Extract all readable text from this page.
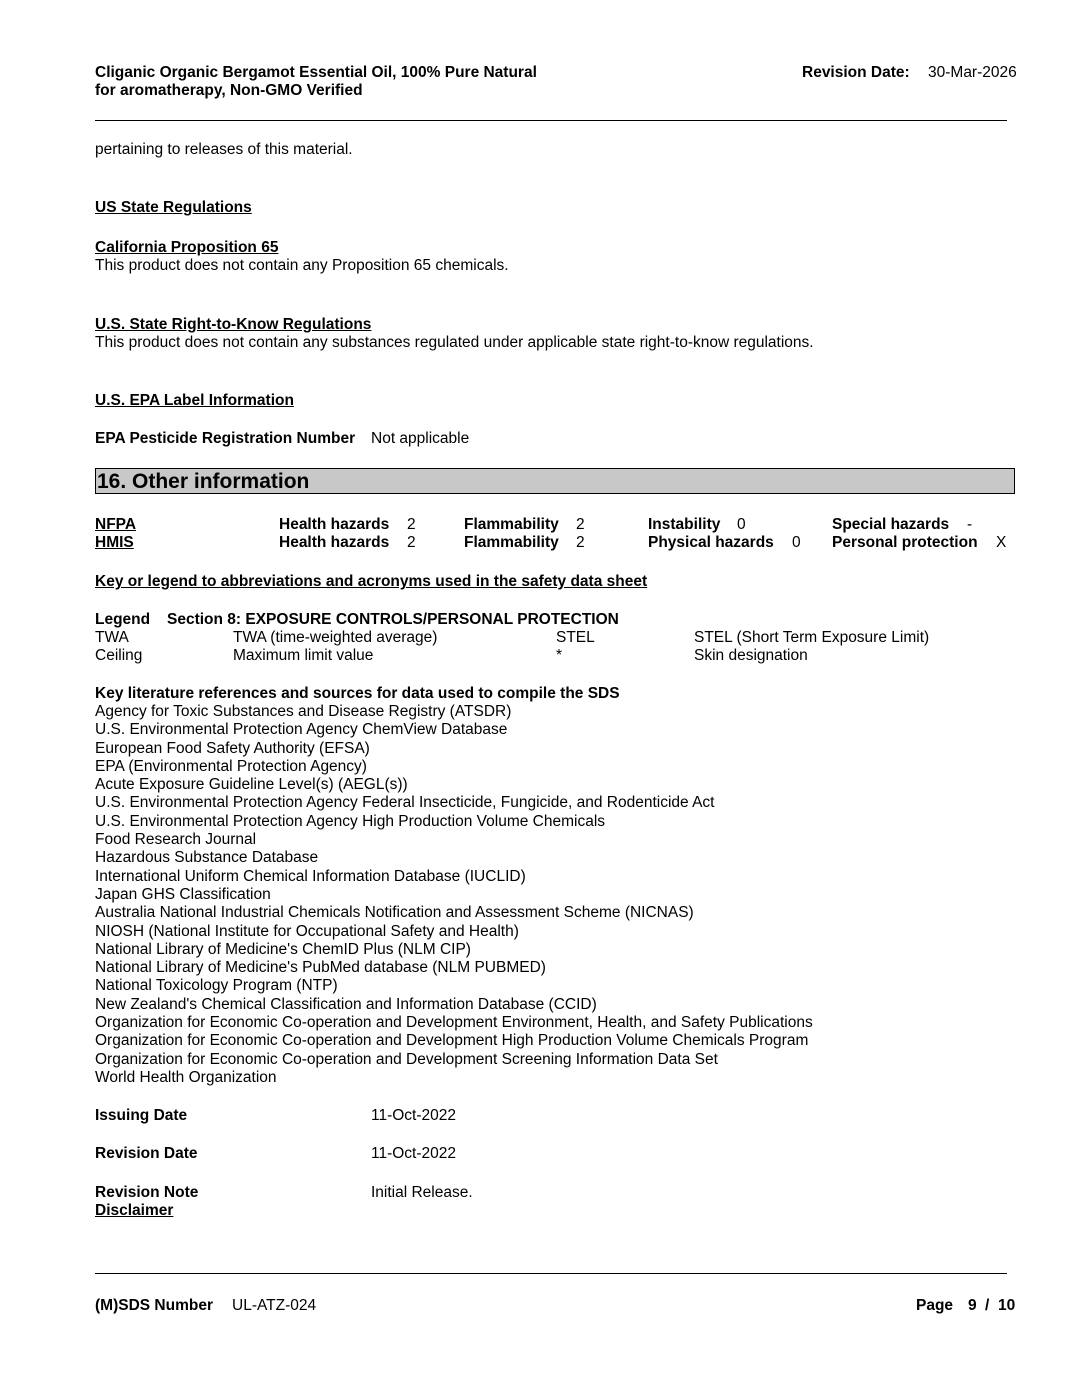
Cliganic Organic Bergamot Essential Oil, 100% Pure Natural
for aromatherapy, Non-GMO Verified
Revision Date: 30-Mar-2026
pertaining to releases of this material.
US State Regulations
California Proposition 65
This product does not contain any Proposition 65 chemicals.
U.S. State Right-to-Know Regulations
This product does not contain any substances regulated under applicable state right-to-know regulations.
U.S. EPA Label Information
EPA Pesticide Registration Number Not applicable
16. Other information
NFPA	Health hazards 2	Flammability 2	Instability 0	Special hazards -
HMIS	Health hazards 2	Flammability 2	Physical hazards 0 Personal protection X
Key or legend to abbreviations and acronyms used in the safety data sheet
Legend Section 8: EXPOSURE CONTROLS/PERSONAL PROTECTION
TWA	TWA (time-weighted average)	STEL	STEL (Short Term Exposure Limit)
Ceiling	Maximum limit value	*	Skin designation
Key literature references and sources for data used to compile the SDS
Agency for Toxic Substances and Disease Registry (ATSDR)
U.S. Environmental Protection Agency ChemView Database
European Food Safety Authority (EFSA)
EPA (Environmental Protection Agency)
Acute Exposure Guideline Level(s) (AEGL(s))
U.S. Environmental Protection Agency Federal Insecticide, Fungicide, and Rodenticide Act
U.S. Environmental Protection Agency High Production Volume Chemicals
Food Research Journal
Hazardous Substance Database
International Uniform Chemical Information Database (IUCLID)
Japan GHS Classification
Australia National Industrial Chemicals Notification and Assessment Scheme (NICNAS)
NIOSH (National Institute for Occupational Safety and Health)
National Library of Medicine's ChemID Plus (NLM CIP)
National Library of Medicine's PubMed database (NLM PUBMED)
National Toxicology Program (NTP)
New Zealand's Chemical Classification and Information Database (CCID)
Organization for Economic Co-operation and Development Environment, Health, and Safety Publications
Organization for Economic Co-operation and Development High Production Volume Chemicals Program
Organization for Economic Co-operation and Development Screening Information Data Set
World Health Organization
Issuing Date	11-Oct-2022
Revision Date	11-Oct-2022
Revision Note	Initial Release.
Disclaimer
(M)SDS Number UL-ATZ-024	Page 9 / 10
